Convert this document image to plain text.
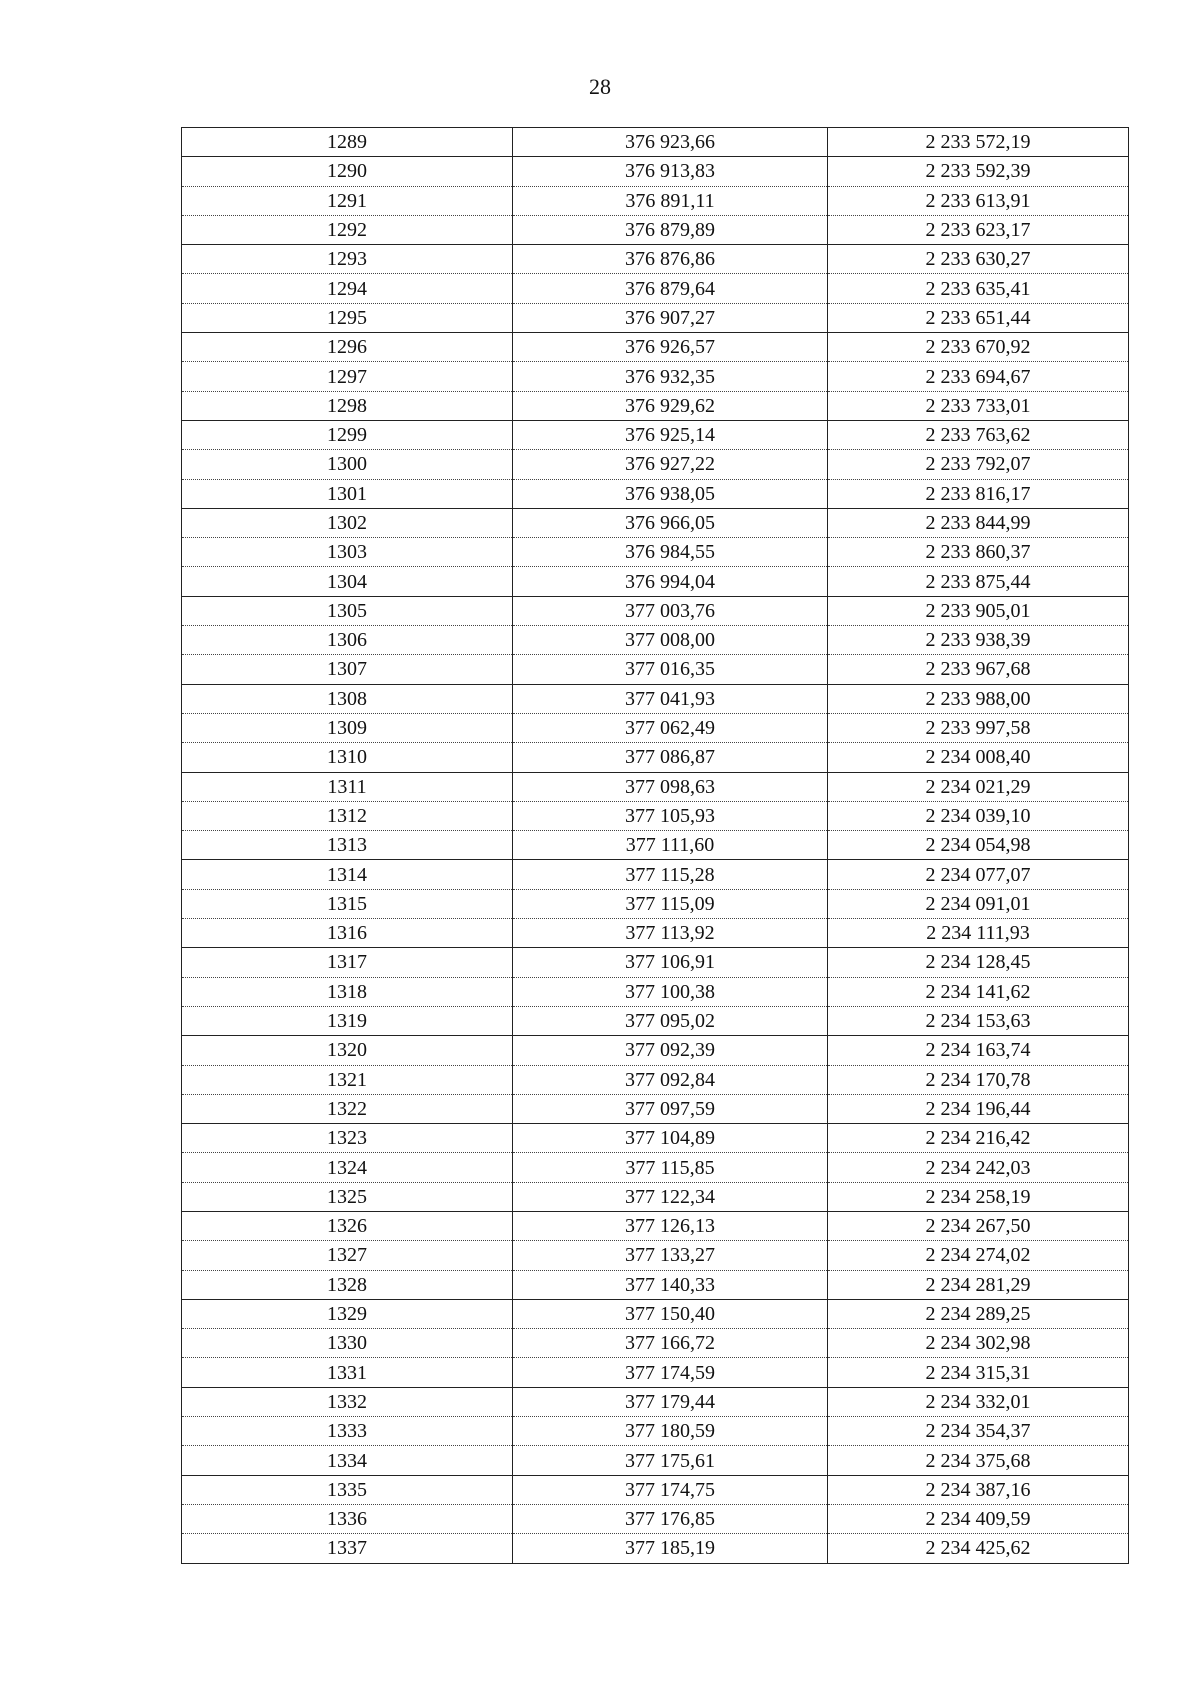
28
1289	376 923,66	2 233 572,19
1290	376 913,83	2 233 592,39
1291	376 891,11	2 233 613,91
1292	376 879,89	2 233 623,17
1293	376 876,86	2 233 630,27
1294	376 879,64	2 233 635,41
1295	376 907,27	2 233 651,44
1296	376 926,57	2 233 670,92
1297	376 932,35	2 233 694,67
1298	376 929,62	2 233 733,01
1299	376 925,14	2 233 763,62
1300	376 927,22	2 233 792,07
1301	376 938,05	2 233 816,17
1302	376 966,05	2 233 844,99
1303	376 984,55	2 233 860,37
1304	376 994,04	2 233 875,44
1305	377 003,76	2 233 905,01
1306	377 008,00	2 233 938,39
1307	377 016,35	2 233 967,68
1308	377 041,93	2 233 988,00
1309	377 062,49	2 233 997,58
1310	377 086,87	2 234 008,40
1311	377 098,63	2 234 021,29
1312	377 105,93	2 234 039,10
1313	377 111,60	2 234 054,98
1314	377 115,28	2 234 077,07
1315	377 115,09	2 234 091,01
1316	377 113,92	2 234 111,93
1317	377 106,91	2 234 128,45
1318	377 100,38	2 234 141,62
1319	377 095,02	2 234 153,63
1320	377 092,39	2 234 163,74
1321	377 092,84	2 234 170,78
1322	377 097,59	2 234 196,44
1323	377 104,89	2 234 216,42
1324	377 115,85	2 234 242,03
1325	377 122,34	2 234 258,19
1326	377 126,13	2 234 267,50
1327	377 133,27	2 234 274,02
1328	377 140,33	2 234 281,29
1329	377 150,40	2 234 289,25
1330	377 166,72	2 234 302,98
1331	377 174,59	2 234 315,31
1332	377 179,44	2 234 332,01
1333	377 180,59	2 234 354,37
1334	377 175,61	2 234 375,68
1335	377 174,75	2 234 387,16
1336	377 176,85	2 234 409,59
1337	377 185,19	2 234 425,62
